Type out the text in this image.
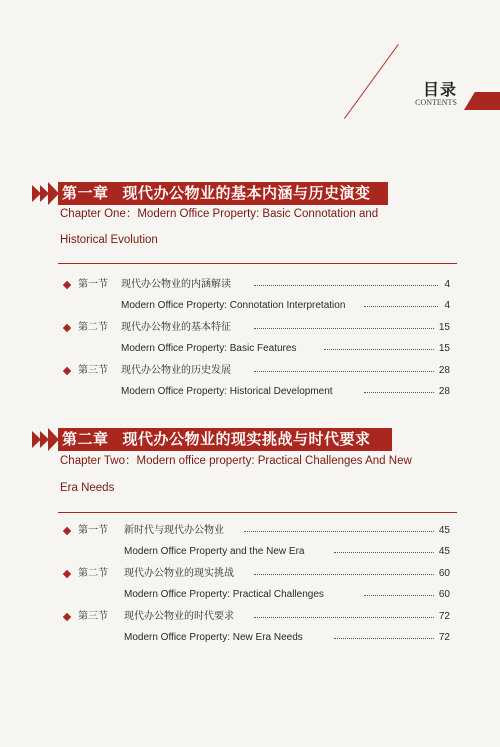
目录
CONTENTS
第一章 现代办公物业的基本内涵与历史演变
Chapter One：Modern Office Property: Basic Connotation and
Historical Evolution
第一节 现代办公物业的内涵解读	4
Modern Office Property: Connotation Interpretation	4
第二节 现代办公物业的基本特征	15
Modern Office Property: Basic Features	15
第三节 现代办公物业的历史发展	28
Modern Office Property: Historical Development	28
第二章 现代办公物业的现实挑战与时代要求
Chapter Two：Modern office property: Practical Challenges And New
Era Needs
第一节 新时代与现代办公物业	45
Modern Office Property and the New Era	45
第二节 现代办公物业的现实挑战	60
Modern Office Property: Practical Challenges	60
第三节 现代办公物业的时代要求	72
Modern Office Property: New Era Needs	72
